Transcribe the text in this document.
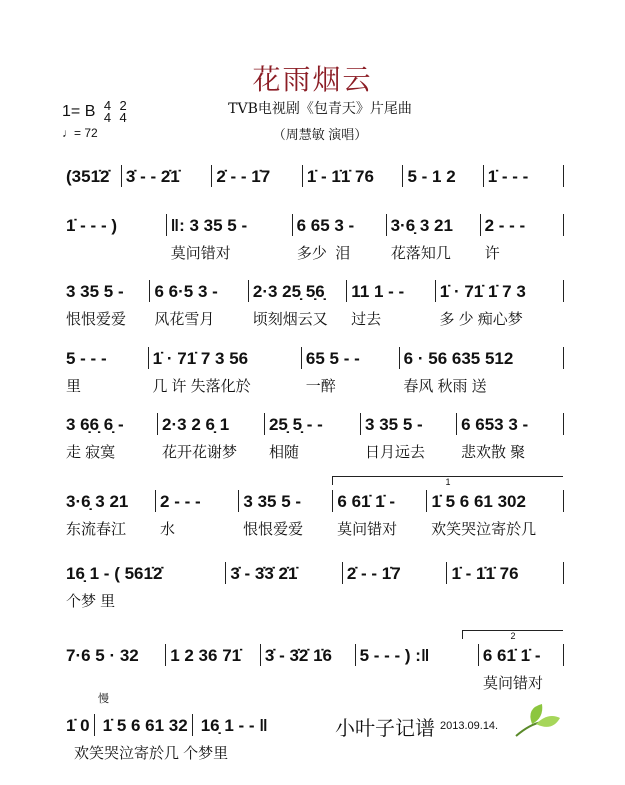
花雨烟云
TVB电视剧《包青天》片尾曲
（周慧敏 演唱）
1= B 4
4 2
4
♩= 72
(351̇2̇ 3̇ - - 2̇1̇	2̇ - - 1̇7	1̇ - 1̇1̇ 76	5 - 1 2	1̇ - - -
1̇ - - - )	‖: 3 35 5 -	6 65 3 -	3·6̣ 3 21	2 - - -
莫问错对	多少  泪	花落知几	许
3 35 5 -	6 6·5 3 -	2·3 25̣ 5̣6̣	11 1 - -	1̇ · 71̇ 1̇ 7 3
恨恨爱爱	风花雪月	顷刻烟云又	过去	多 少 痴心梦
5 - - -	1̇ · 71̇ 7 3 56	65 5 - -	6 · 56 635 512
里	几 许 失落化於	一醉	春风 秋雨 送
3 6̣6̣ 6̣ -	2·3 2 6̣ 1	25̣ 5̣ - -	3 35 5 -	6 653 3 -
走 寂寞	花开花谢梦	相随	日月远去	悲欢散 聚
3·6̣ 3 21	2 - - -	3 35 5 -	6 61̇ 1̇ -	1̇ 5 6 61 302
东流春江	水	恨恨爱爱	莫问错对	欢笑哭泣寄於几
1
16̣ 1 - ( 561̇2̇	3̇ - 3̇3̇ 2̇1̇	2̇ - - 1̇7	1̇ - 1̇1̇ 76
个梦 里
7·6 5 · 32	1 2 36 71̇	3̇ - 3̇2̇ 1̇6	5 - - - ) :‖	6 61̇ 1̇ -
莫问错对
2
1̇ 0 1̇ 5 6 61 32 16̣ 1 - - ‖
欢笑哭泣寄於几 个梦里
慢
小叶子记谱 2013.09.14.
